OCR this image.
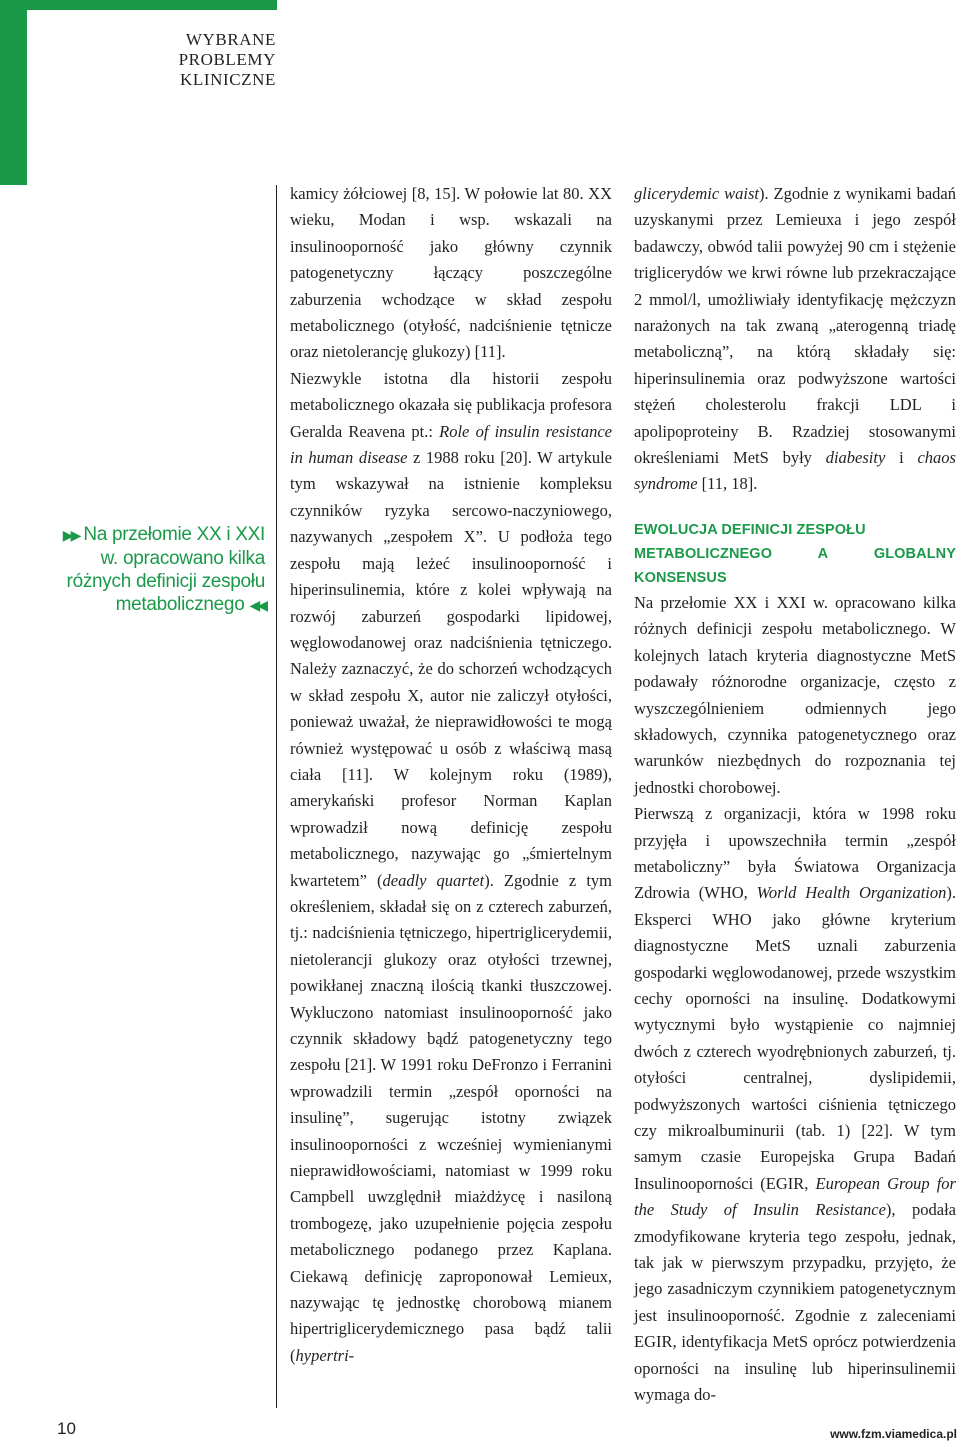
WYBRANE
PROBLEMY
KLINICZNE
▶▶ Na przełomie XX i XXI w. opracowano kilka różnych definicji zespołu metabolicznego ◀◀

kamicy żółciowej [8, 15]. W połowie lat 80. XX wieku, Modan i wsp. wskazali na insulinooporność jako główny czynnik patogenetyczny łączący poszczególne zaburzenia wchodzące w skład zespołu metabolicznego (otyłość, nadciśnienie tętnicze oraz nietolerancję glukozy) [11].

Niezwykle istotna dla historii zespołu metabolicznego okazała się publikacja profesora Geralda Reavena pt.: Role of insulin resistance in human disease z 1988 roku [20]. W artykule tym wskazywał na istnienie kompleksu czynników ryzyka sercowo-naczyniowego, nazywanych „zespołem X”. U podłoża tego zespołu mają leżeć insulinooporność i hiperinsulinemia, które z kolei wpływają na rozwój zaburzeń gospodarki lipidowej, węglowodanowej oraz nadciśnienia tętniczego. Należy zaznaczyć, że do schorzeń wchodzących w skład zespołu X, autor nie zaliczył otyłości, ponieważ uważał, że nieprawidłowości te mogą również występować u osób z właściwą masą ciała [11]. W kolejnym roku (1989), amerykański profesor Norman Kaplan wprowadził nową definicję zespołu metabolicznego, nazywając go „śmiertelnym kwartetem” (deadly quartet). Zgodnie z tym określeniem, składał się on z czterech zaburzeń, tj.: nadciśnienia tętniczego, hipertriglicerydemii, nietolerancji glukozy oraz otyłości trzewnej, powikłanej znaczną ilością tkanki tłuszczowej. Wykluczono natomiast insulinooporność jako czynnik składowy bądź patogenetyczny tego zespołu [21]. W 1991 roku DeFronzo i Ferranini wprowadzili termin „zespół oporności na insulinę”, sugerując istotny związek insulinooporności z wcześniej wymienianymi nieprawidłowościami, natomiast w 1999 roku Campbell uwzględnił miażdżycę i nasiloną trombogezę, jako uzupełnienie pojęcia zespołu metabolicznego podanego przez Kaplana. Ciekawą definicję zaproponował Lemieux, nazywając tę jednostkę chorobową mianem hipertriglicerydemicznego pasa bądź talii (hypertri-

glicerydemic waist). Zgodnie z wynikami badań uzyskanymi przez Lemieuxa i jego zespół badawczy, obwód talii powyżej 90 cm i stężenie triglicerydów we krwi równe lub przekraczające 2 mmol/l, umożliwiały identyfikację mężczyzn narażonych na tak zwaną „aterogenną triadę metaboliczną”, na którą składały się: hiperinsulinemia oraz podwyższone wartości stężeń cholesterolu frakcji LDL i apolipoproteiny B. Rzadziej stosowanymi określeniami MetS były diabesity i chaos syndrome [11, 18].

EWOLUCJA DEFINICJI ZESPOŁU
METABOLICZNEGO A GLOBALNY KONSENSUS

Na przełomie XX i XXI w. opracowano kilka różnych definicji zespołu metabolicznego. W kolejnych latach kryteria diagnostyczne MetS podawały różnorodne organizacje, często z wyszczególnieniem odmiennych jego składowych, czynnika patogenetycznego oraz warunków niezbędnych do rozpoznania tej jednostki chorobowej.

Pierwszą z organizacji, która w 1998 roku przyjęła i upowszechniła termin „zespół metaboliczny” była Światowa Organizacja Zdrowia (WHO, World Health Organization). Eksperci WHO jako główne kryterium diagnostyczne MetS uznali zaburzenia gospodarki węglowodanowej, przede wszystkim cechy oporności na insulinę. Dodatkowymi wytycznymi było wystąpienie co najmniej dwóch z czterech wyodrębnionych zaburzeń, tj. otyłości centralnej, dyslipidemii, podwyższonych wartości ciśnienia tętniczego czy mikroalbuminurii (tab. 1) [22]. W tym samym czasie Europejska Grupa Badań Insulinooporności (EGIR, European Group for the Study of Insulin Resistance), podała zmodyfikowane kryteria tego zespołu, jednak, tak jak w pierwszym przypadku, przyjęto, że jego zasadniczym czynnikiem patogenetycznym jest insulinooporność. Zgodnie z zaleceniami EGIR, identyfikacja MetS oprócz potwierdzenia oporności na insulinę lub hiperinsulinemii wymaga do-

10	www.fzm.viamedica.pl
